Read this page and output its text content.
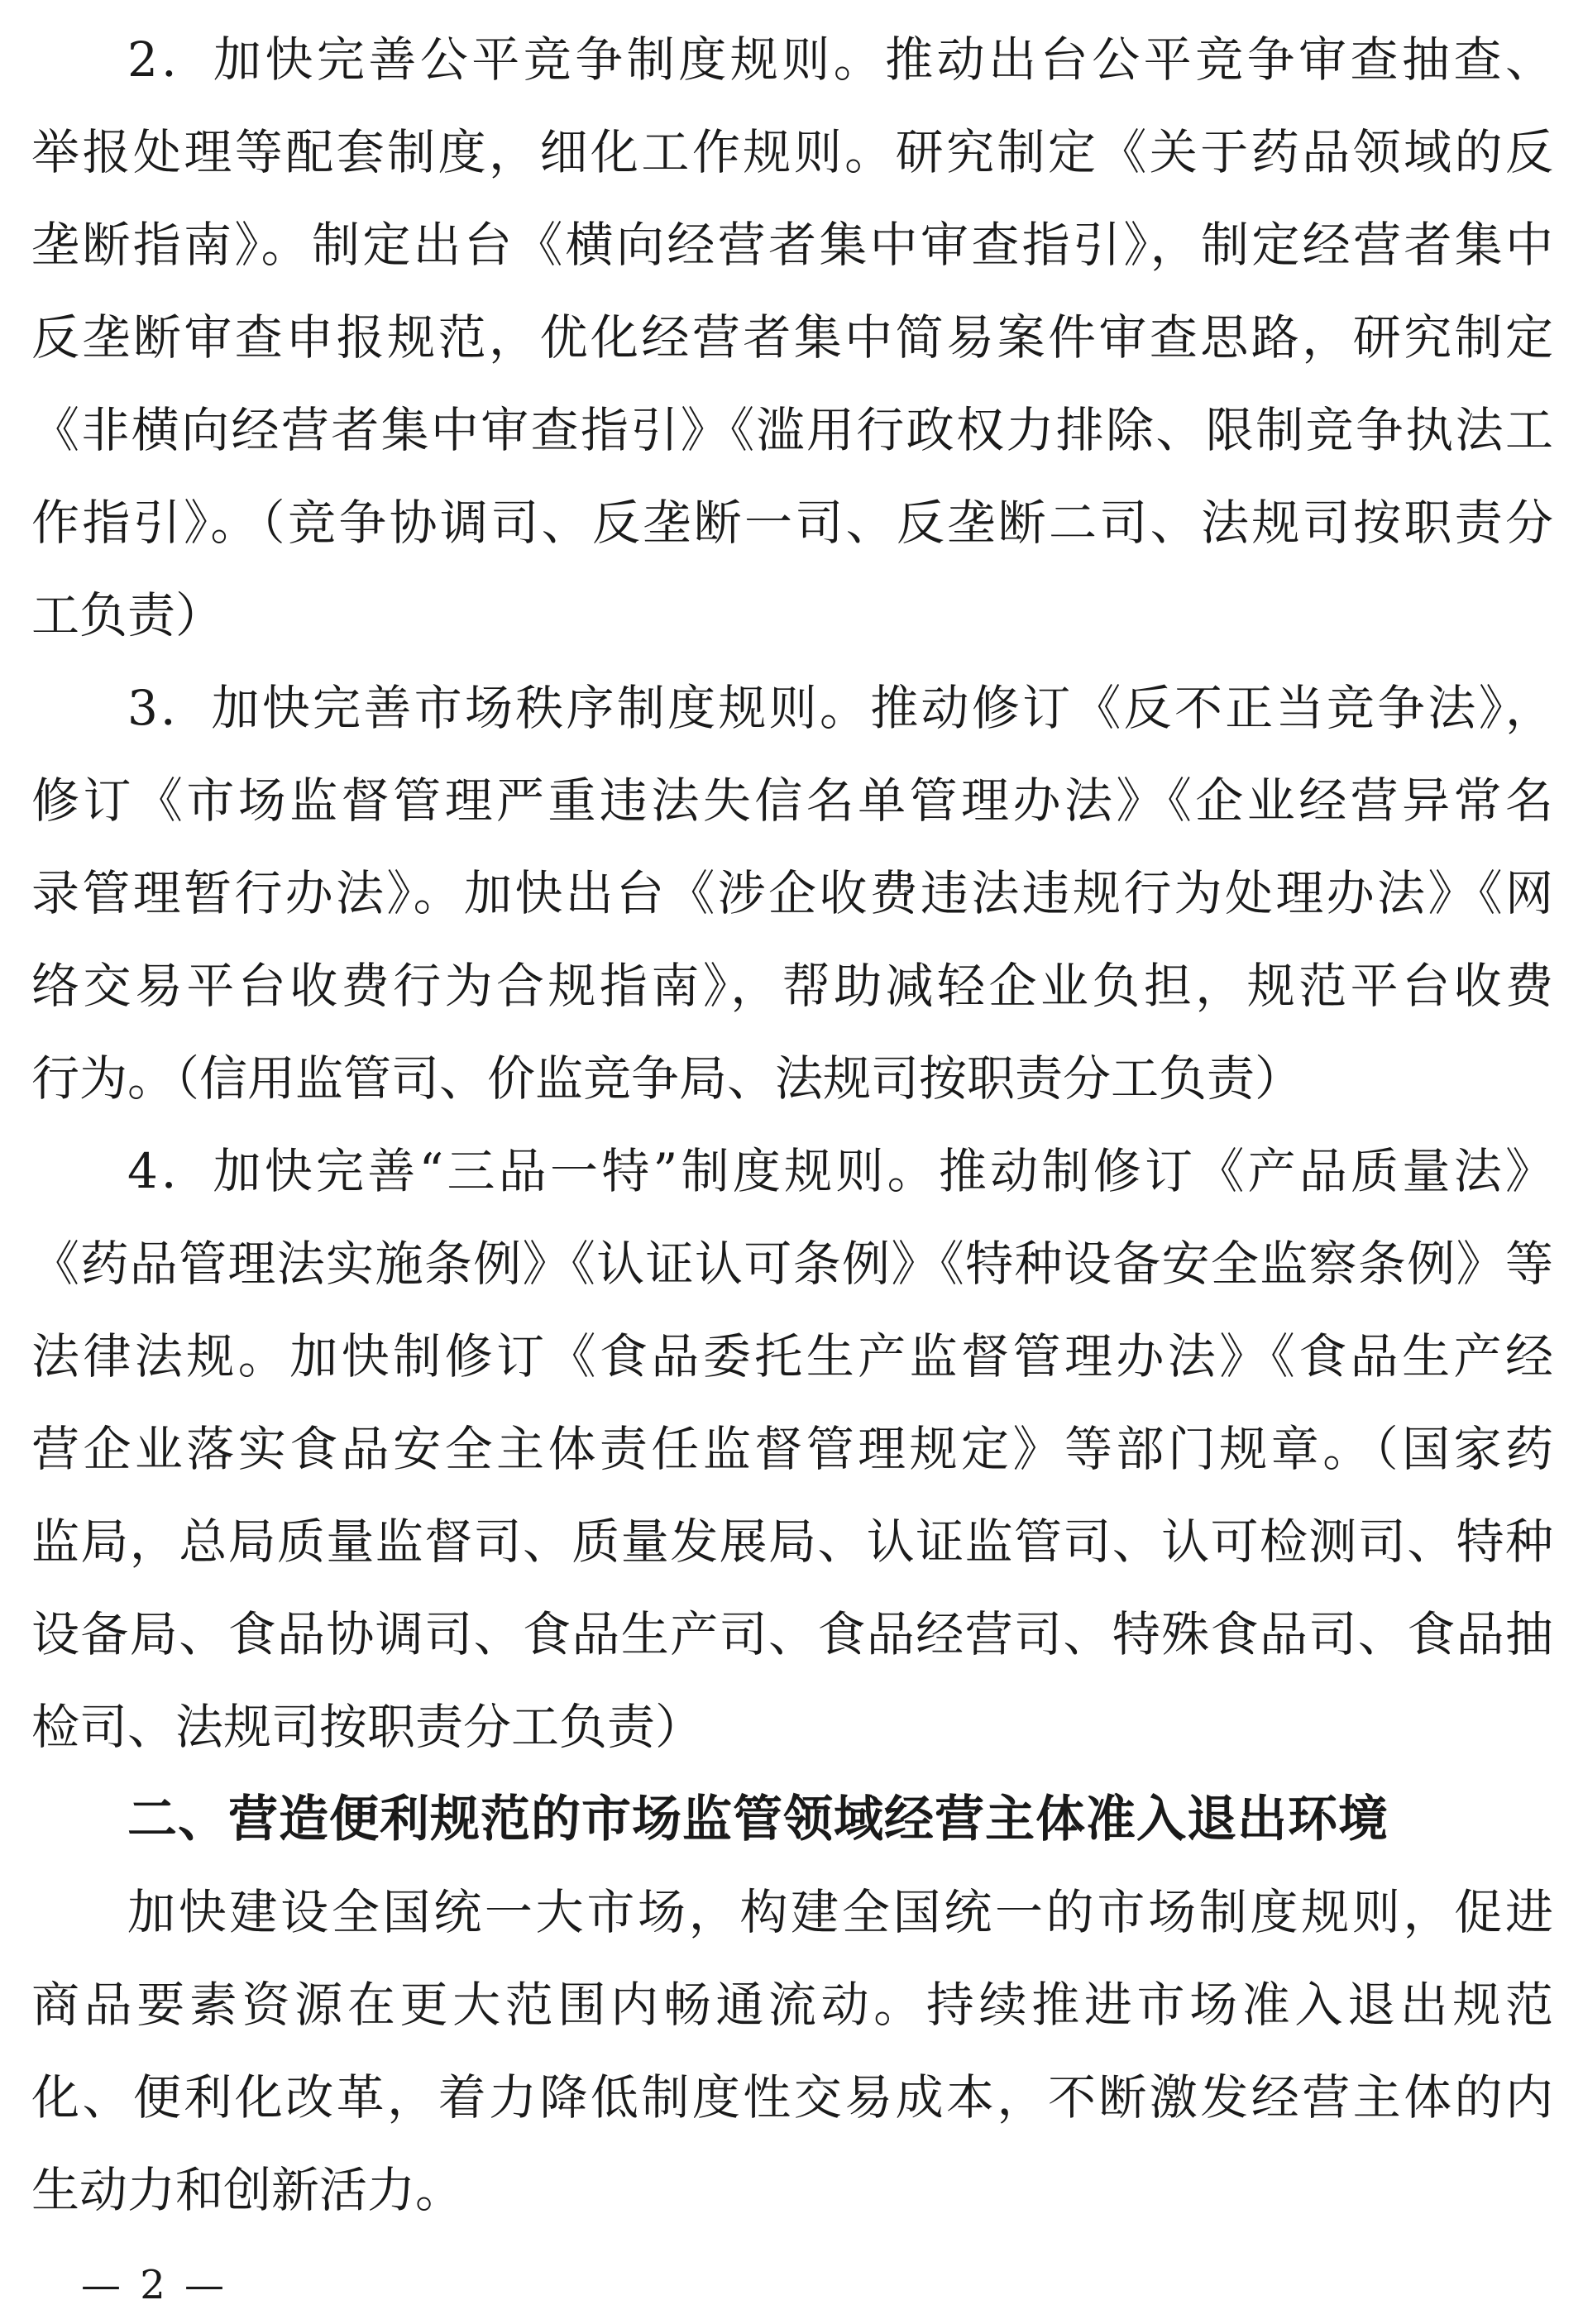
2．加快完善公平竞争制度规则。推动出台公平竞争审查抽查、
举报处理等配套制度，细化工作规则。研究制定《关于药品领域的反
垄断指南》。制定出台《横向经营者集中审查指引》，制定经营者集中
反垄断审查申报规范，优化经营者集中简易案件审查思路，研究制定
《非横向经营者集中审查指引》《滥用行政权力排除、限制竞争执法工
作指引》。（竞争协调司、反垄断一司、反垄断二司、法规司按职责分
工负责）
3．加快完善市场秩序制度规则。推动修订《反不正当竞争法》，
修订《市场监督管理严重违法失信名单管理办法》《企业经营异常名
录管理暂行办法》。加快出台《涉企收费违法违规行为处理办法》《网
络交易平台收费行为合规指南》，帮助减轻企业负担，规范平台收费
行为。（信用监管司、价监竞争局、法规司按职责分工负责）
4．加快完善“三品一特”制度规则。推动制修订《产品质量法》
《药品管理法实施条例》《认证认可条例》《特种设备安全监察条例》等
法律法规。加快制修订《食品委托生产监督管理办法》《食品生产经
营企业落实食品安全主体责任监督管理规定》等部门规章。（国家药
监局，总局质量监督司、质量发展局、认证监管司、认可检测司、特种
设备局、食品协调司、食品生产司、食品经营司、特殊食品司、食品抽
检司、法规司按职责分工负责）
二、营造便利规范的市场监管领域经营主体准入退出环境
加快建设全国统一大市场，构建全国统一的市场制度规则，促进
商品要素资源在更大范围内畅通流动。持续推进市场准入退出规范
化、便利化改革，着力降低制度性交易成本，不断激发经营主体的内
生动力和创新活力。
— 2 —
